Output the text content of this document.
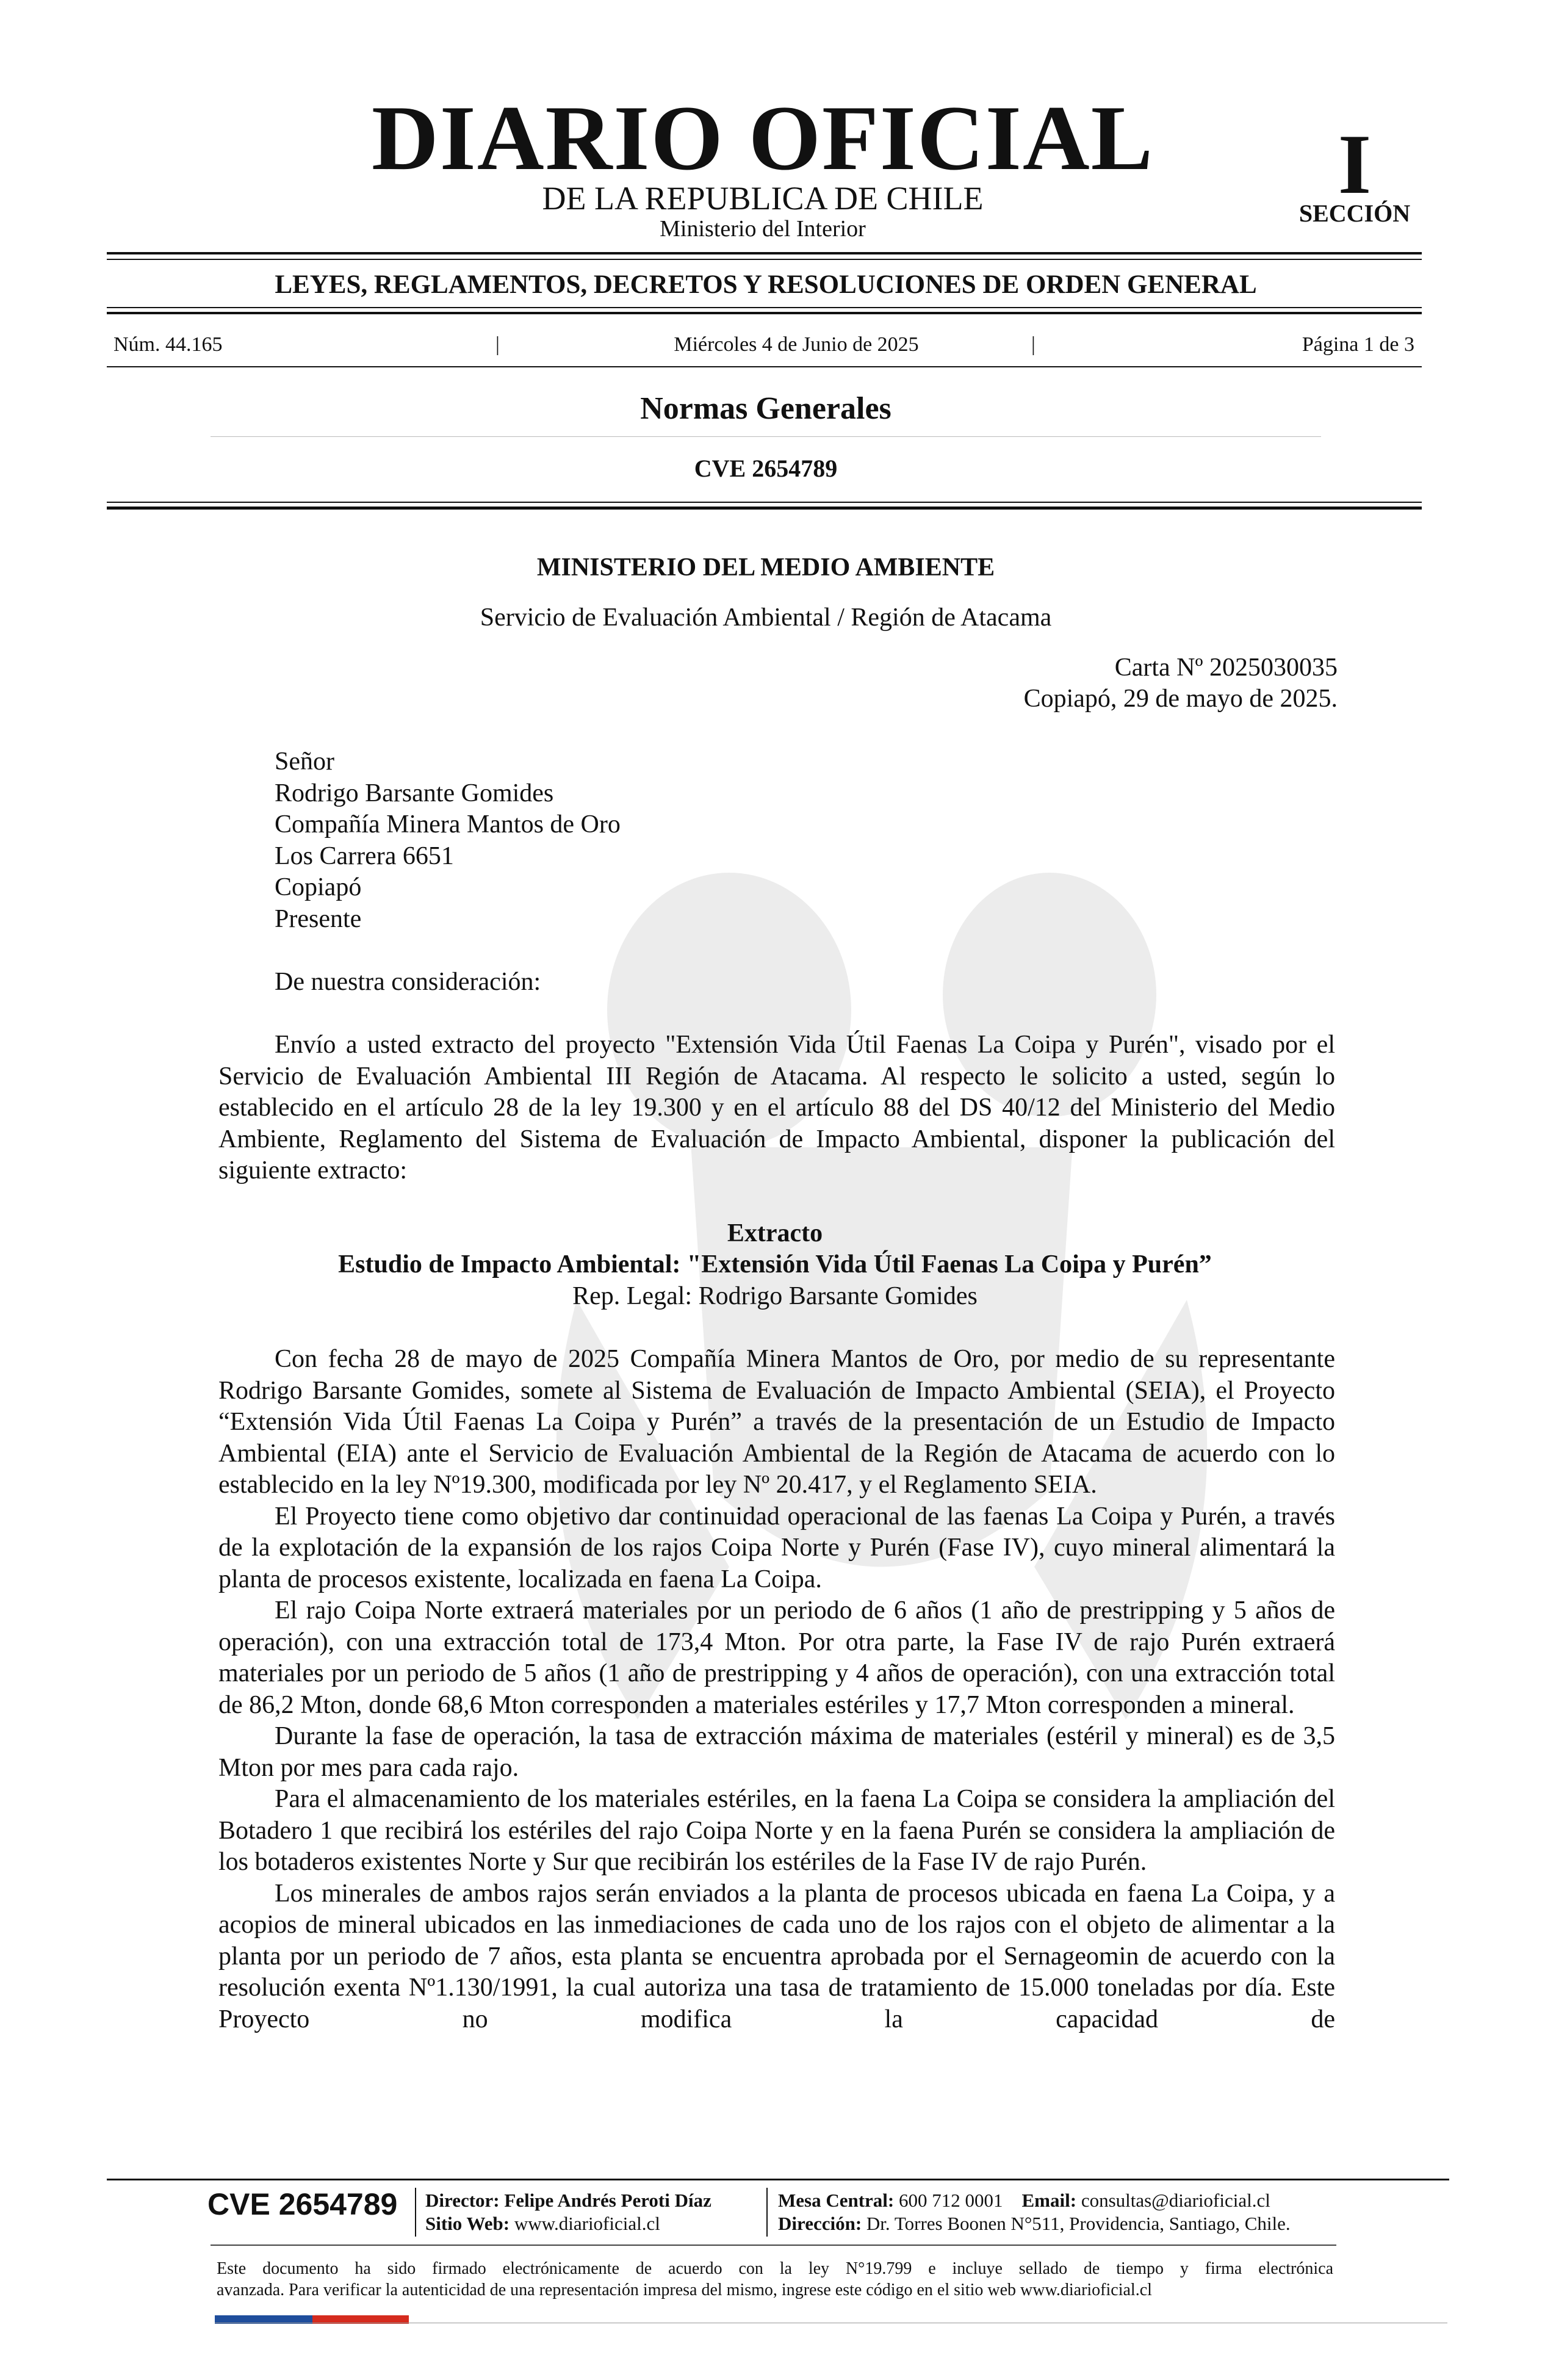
DIARIO OFICIAL
DE LA REPUBLICA DE CHILE
Ministerio del Interior
I
SECCIÓN
LEYES, REGLAMENTOS, DECRETOS Y RESOLUCIONES DE ORDEN GENERAL
Núm. 44.165	|	Miércoles 4 de Junio de 2025	|	Página 1 de 3
Normas Generales
CVE 2654789
MINISTERIO DEL MEDIO AMBIENTE
Servicio de Evaluación Ambiental / Región de Atacama
Carta Nº 2025030035
Copiapó, 29 de mayo de 2025.
Señor
Rodrigo Barsante Gomides
Compañía Minera Mantos de Oro
Los Carrera 6651
Copiapó
Presente
De nuestra consideración:

Envío a usted extracto del proyecto "Extensión Vida Útil Faenas La Coipa y Purén", visado por el Servicio de Evaluación Ambiental III Región de Atacama. Al respecto le solicito a usted, según lo establecido en el artículo 28 de la ley 19.300 y en el artículo 88 del DS 40/12 del Ministerio del Medio Ambiente, Reglamento del Sistema de Evaluación de Impacto Ambiental, disponer la publicación del siguiente extracto:

Extracto
Estudio de Impacto Ambiental: "Extensión Vida Útil Faenas La Coipa y Purén”
Rep. Legal: Rodrigo Barsante Gomides

Con fecha 28 de mayo de 2025 Compañía Minera Mantos de Oro, por medio de su representante Rodrigo Barsante Gomides, somete al Sistema de Evaluación de Impacto Ambiental (SEIA), el Proyecto “Extensión Vida Útil Faenas La Coipa y Purén” a través de la presentación de un Estudio de Impacto Ambiental (EIA) ante el Servicio de Evaluación Ambiental de la Región de Atacama de acuerdo con lo establecido en la ley Nº19.300, modificada por ley Nº 20.417, y el Reglamento SEIA.

El Proyecto tiene como objetivo dar continuidad operacional de las faenas La Coipa y Purén, a través de la explotación de la expansión de los rajos Coipa Norte y Purén (Fase IV), cuyo mineral alimentará la planta de procesos existente, localizada en faena La Coipa.

El rajo Coipa Norte extraerá materiales por un periodo de 6 años (1 año de prestripping y 5 años de operación), con una extracción total de 173,4 Mton. Por otra parte, la Fase IV de rajo Purén extraerá materiales por un periodo de 5 años (1 año de prestripping y 4 años de operación), con una extracción total de 86,2 Mton, donde 68,6 Mton corresponden a materiales estériles y 17,7 Mton corresponden a mineral.

Durante la fase de operación, la tasa de extracción máxima de materiales (estéril y mineral) es de 3,5 Mton por mes para cada rajo.

Para el almacenamiento de los materiales estériles, en la faena La Coipa se considera la ampliación del Botadero 1 que recibirá los estériles del rajo Coipa Norte y en la faena Purén se considera la ampliación de los botaderos existentes Norte y Sur que recibirán los estériles de la Fase IV de rajo Purén.

Los minerales de ambos rajos serán enviados a la planta de procesos ubicada en faena La Coipa, y a acopios de mineral ubicados en las inmediaciones de cada uno de los rajos con el objeto de alimentar a la planta por un periodo de 7 años, esta planta se encuentra aprobada por el Sernageomin de acuerdo con la resolución exenta Nº1.130/1991, la cual autoriza una tasa de tratamiento de 15.000 toneladas por día. Este Proyecto no modifica la capacidad de

CVE 2654789 Director: Felipe Andrés Peroti Díaz
Sitio Web: www.diarioficial.cl
Mesa Central: 600 712 0001 Email: consultas@diarioficial.cl
Dirección: Dr. Torres Boonen N°511, Providencia, Santiago, Chile.
Este documento ha sido firmado electrónicamente de acuerdo con la ley N°19.799 e incluye sellado de tiempo y firma electrónica
avanzada. Para verificar la autenticidad de una representación impresa del mismo, ingrese este código en el sitio web www.diarioficial.cl
